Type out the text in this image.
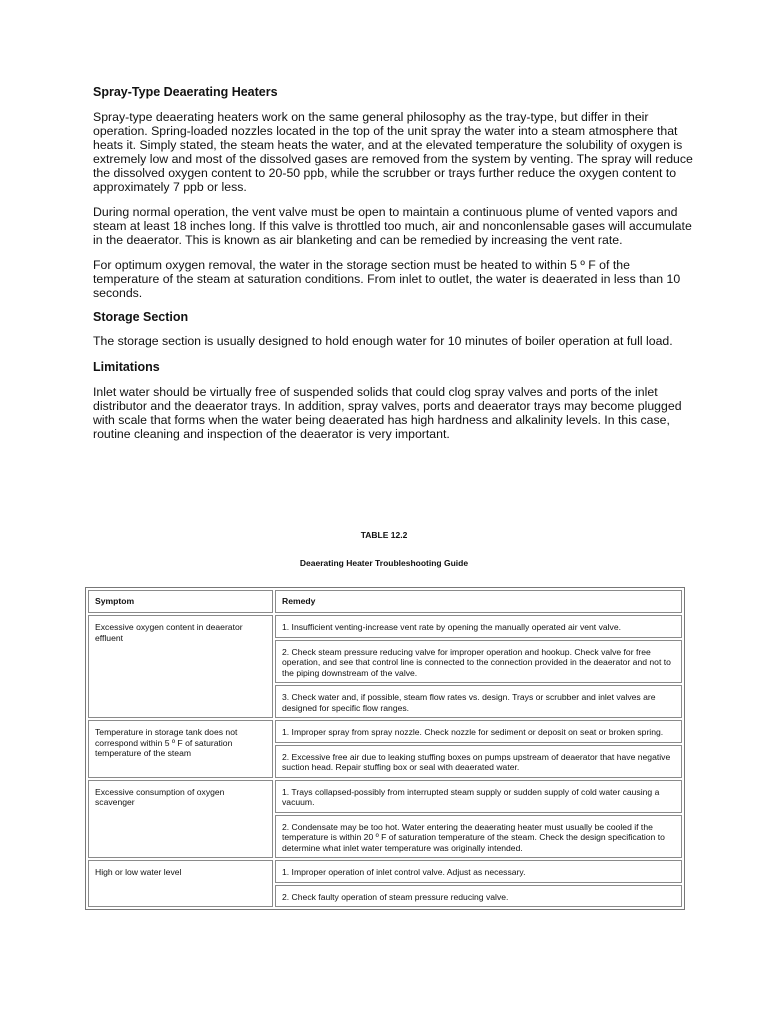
Spray-Type Deaerating Heaters

Spray-type deaerating heaters work on the same general philosophy as the tray-type, but differ in their operation. Spring-loaded nozzles located in the top of the unit spray the water into a steam atmosphere that heats it. Simply stated, the steam heats the water, and at the elevated temperature the solubility of oxygen is extremely low and most of the dissolved gases are removed from the system by venting. The spray will reduce the dissolved oxygen content to 20-50 ppb, while the scrubber or trays further reduce the oxygen content to approximately 7 ppb or less.

During normal operation, the vent valve must be open to maintain a continuous plume of vented vapors and steam at least 18 inches long. If this valve is throttled too much, air and nonconlensable gases will accumulate in the deaerator. This is known as air blanketing and can be remedied by increasing the vent rate.

For optimum oxygen removal, the water in the storage section must be heated to within 5 º F of the temperature of the steam at saturation conditions. From inlet to outlet, the water is deaerated in less than 10 seconds.

Storage Section

The storage section is usually designed to hold enough water for 10 minutes of boiler operation at full load.

Limitations

Inlet water should be virtually free of suspended solids that could clog spray valves and ports of the inlet distributor and the deaerator trays. In addition, spray valves, ports and deaerator trays may become plugged with scale that forms when the water being deaerated has high hardness and alkalinity levels. In this case, routine cleaning and inspection of the deaerator is very important.

TABLE 12.2
Deaerating Heater Troubleshooting Guide
Symptom	Remedy
Excessive oxygen content in deaerator effluent	1. Insufficient venting-increase vent rate by opening the manually operated air vent valve.
	2. Check steam pressure reducing valve for improper operation and hookup. Check valve for free operation, and see that control line is connected to the connection provided in the deaerator and not to the piping downstream of the valve.
	3. Check water and, if possible, steam flow rates vs. design. Trays or scrubber and inlet valves are designed for specific flow ranges.
Temperature in storage tank does not correspond within 5 º F of saturation temperature of the steam	1. Improper spray from spray nozzle. Check nozzle for sediment or deposit on seat or broken spring.
	2. Excessive free air due to leaking stuffing boxes on pumps upstream of deaerator that have negative suction head. Repair stuffing box or seal with deaerated water.
Excessive consumption of oxygen scavenger	1. Trays collapsed-possibly from interrupted steam supply or sudden supply of cold water causing a vacuum.
	2. Condensate may be too hot. Water entering the deaerating heater must usually be cooled if the temperature is within 20 º F of saturation temperature of the steam. Check the design specification to determine what inlet water temperature was originally intended.
High or low water level	1. Improper operation of inlet control valve. Adjust as necessary.
	2. Check faulty operation of steam pressure reducing valve.
